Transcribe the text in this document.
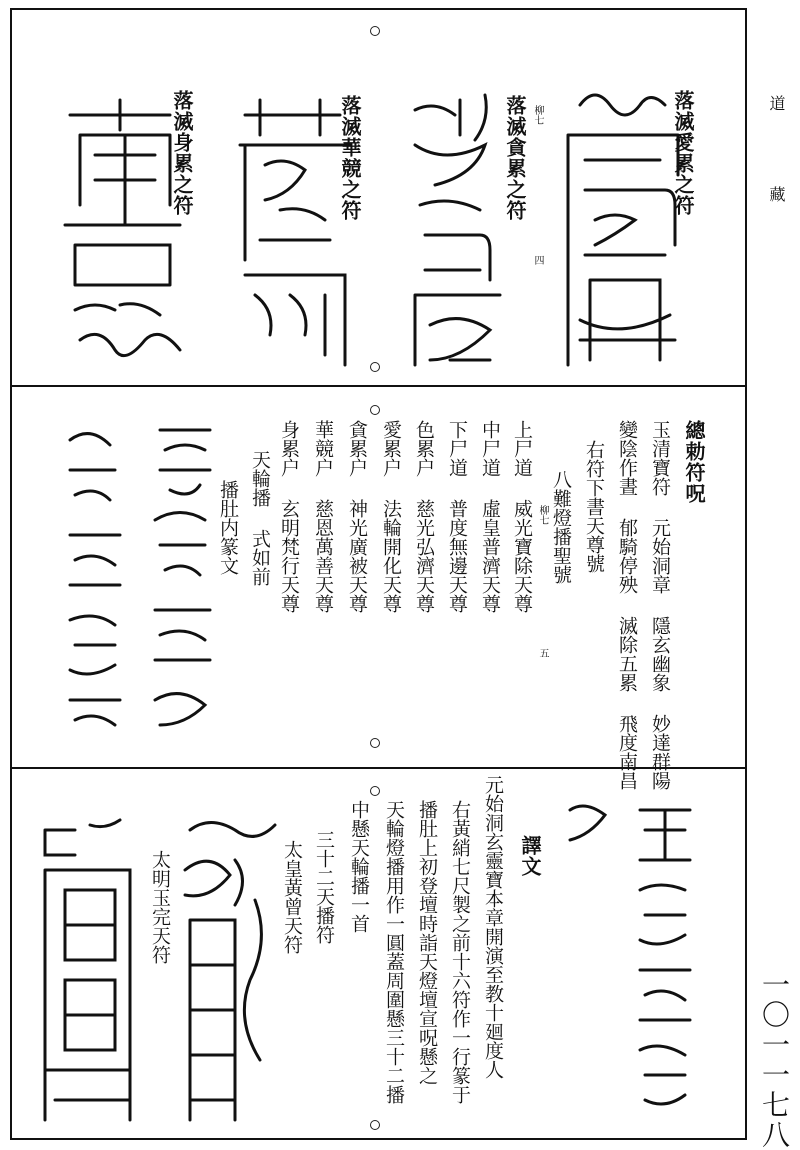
道 藏
一〇一一七八
落滅愛累之符
落滅貪累之符
落滅華競之符
落滅身累之符	柳七
四
總勅符呪
玉清寶符 元始洞章 隱玄幽象 妙達群陽
變陰作晝 郁騎停殃 滅除五累 飛度南昌
右符下書天尊號
八難燈播聖號
上尸道 威光寶除天尊
中尸道 虛皇普濟天尊
下尸道 普度無邊天尊
色累户 慈光弘濟天尊
愛累户 法輪開化天尊
貪累户 神光廣被天尊
華競户 慈恩萬善天尊
身累户 玄明梵行天尊
天輪播 式如前
播肚内篆文	柳七
五
譯文
元始洞玄靈寶本章開演至教十廻度人
右黃綃七尺製之前十六符作一行篆于
播肚上初登壇時詣天燈壇宣呪懸之
天輪燈播用作一圓蓋周圍懸三十二播
中懸天輪播一首
三十二天播符
太皇黃曾天符
太明玉完天符
